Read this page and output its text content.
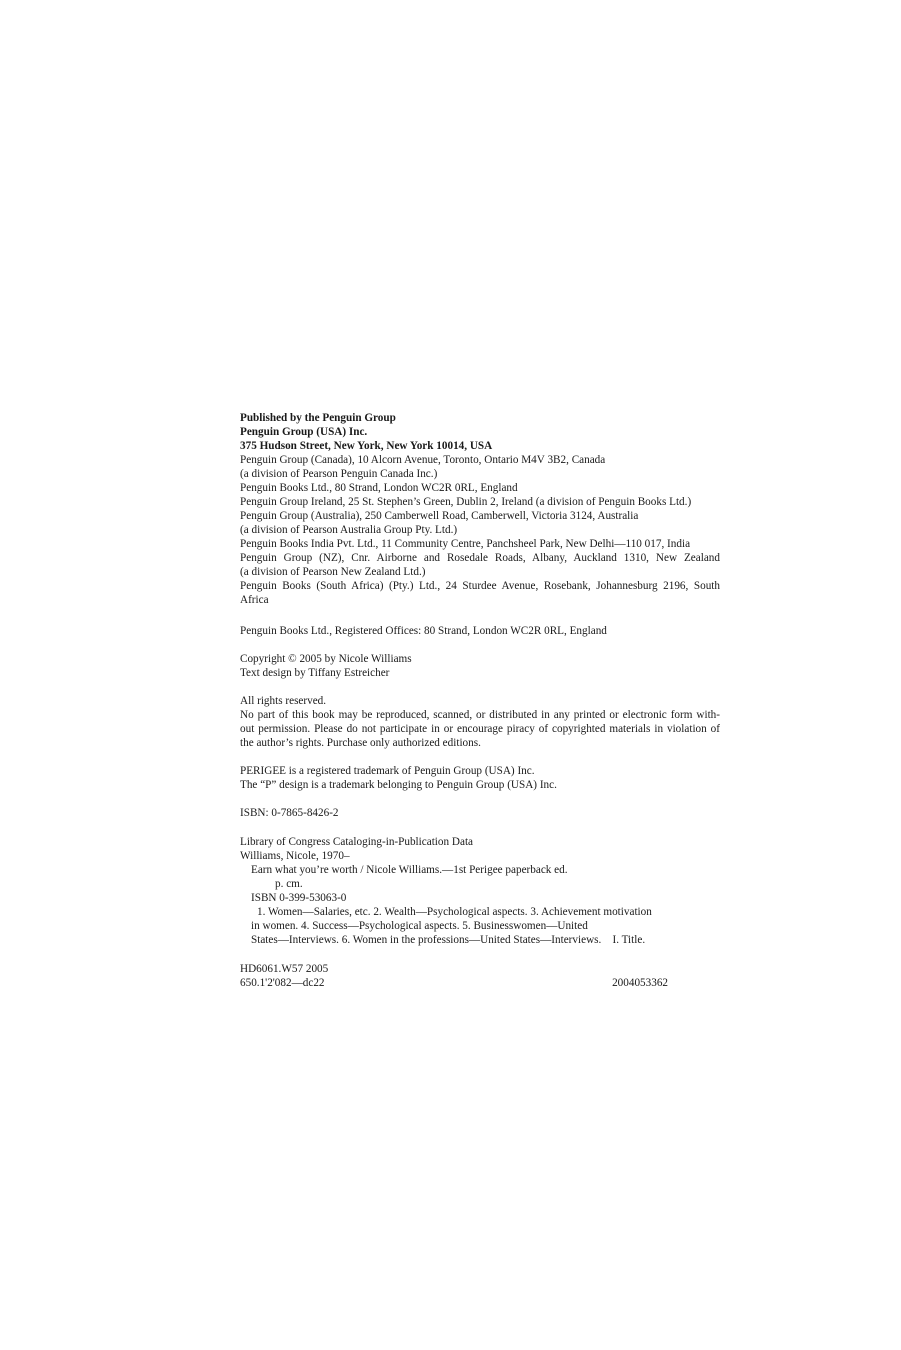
Published by the Penguin Group
Penguin Group (USA) Inc.
375 Hudson Street, New York, New York 10014, USA
Penguin Group (Canada), 10 Alcorn Avenue, Toronto, Ontario M4V 3B2, Canada
(a division of Pearson Penguin Canada Inc.)
Penguin Books Ltd., 80 Strand, London WC2R 0RL, England
Penguin Group Ireland, 25 St. Stephen’s Green, Dublin 2, Ireland (a division of Penguin Books Ltd.)
Penguin Group (Australia), 250 Camberwell Road, Camberwell, Victoria 3124, Australia
(a division of Pearson Australia Group Pty. Ltd.)
Penguin Books India Pvt. Ltd., 11 Community Centre, Panchsheel Park, New Delhi—110 017, India
Penguin Group (NZ), Cnr. Airborne and Rosedale Roads, Albany, Auckland 1310, New Zealand
(a division of Pearson New Zealand Ltd.)
Penguin Books (South Africa) (Pty.) Ltd., 24 Sturdee Avenue, Rosebank, Johannesburg 2196, South
Africa
Penguin Books Ltd., Registered Offices: 80 Strand, London WC2R 0RL, England
Copyright © 2005 by Nicole Williams
Text design by Tiffany Estreicher
All rights reserved.
No part of this book may be reproduced, scanned, or distributed in any printed or electronic form with-
out permission. Please do not participate in or encourage piracy of copyrighted materials in violation of
the author’s rights. Purchase only authorized editions.
PERIGEE is a registered trademark of Penguin Group (USA) Inc.
The “P” design is a trademark belonging to Penguin Group (USA) Inc.
ISBN: 0-7865-8426-2
Library of Congress Cataloging-in-Publication Data
Williams, Nicole, 1970–
Earn what you’re worth / Nicole Williams.—1st Perigee paperback ed.
p. cm.
ISBN 0-399-53063-0
1. Women—Salaries, etc. 2. Wealth—Psychological aspects. 3. Achievement motivation
in women. 4. Success—Psychological aspects. 5. Businesswomen—United
States—Interviews. 6. Women in the professions—United States—Interviews.    I. Title.
HD6061.W57 2005
650.1'2'082—dc22	2004053362
